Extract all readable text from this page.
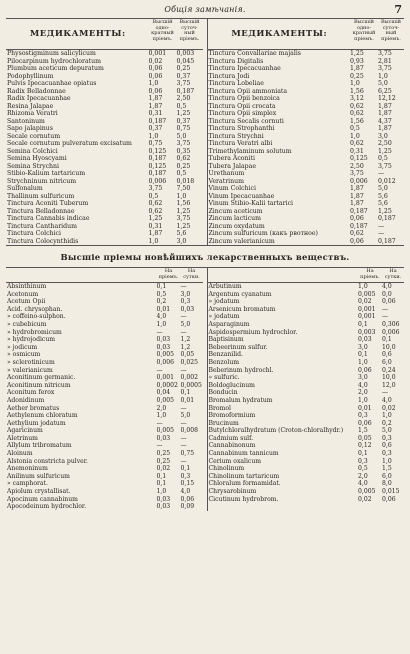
Общія замѣчанія.	7
МЕДИКАМЕНТЫ:
Высшій одно-кратный пріемъ.
Высшій суточ-ный пріемъ.
Physostigminum salicylicum	0,001	0,003
Pilocarpinum hydrochloratum	0,02	0,045
Plumbum aceticum depuratum	0,06	0,25
Podophyllinum	0,06	0,37
Pulvis Ipecacuanhae opiatus	1,0	3,75
Radix Belladonnae	0,06	0,187
Radix Ipecacuanhae	1,87	2,50
Resina Jalapae	1,87	0,5
Rhizoma Veratri	0,31	1,25
Santoninum	0,187	0,37
Sapo jalapinus	0,37	0,75
Secale cornutum	1,0	5,0
Secale cornutum pulveratum excisatum	0,75	3,75
Semina Colchici	0,125	0,35
Semina Hyoscyami	0,187	0,62
Semina Strychni	0,125	0,25
Stibio-Kalium tartaricum	0,187	0,5
Strychninum nitricum	0,006	0,018
Sulfonalum	3,75	7,50
Thallinum sulfuricum	0,5	1,0
Tinctura Aconiti Tuberum	0,62	1,56
Tinctura Belladonnae	0,62	1,25
Tinctura Cannabis indicae	1,25	3,75
Tinctura Cantharidum	0,31	1,25
Tinctura Colchici	1,87	5,6
Tinctura Colocynthidis	1,0	3,0
МЕДИКАМЕНТЫ:
Высшій одно-кратный пріемъ.
Высшій суточ-ный пріемъ.
Tinctura Convallariae majalis	1,25	3,75
Tinctura Digitalis	0,93	2,81
Tinctura Ipecacuanhae	1,87	3,75
Tinctura Jodi	0,25	1,0
Tinctura Lobeliae	1,0	5,0
Tinctura Opii ammoniata	1,56	6,25
Tinctura Opii benzoica	3,12	12,12
Tinctura Opii crocata	0,62	1,87
Tinctura Opii simplex	0,62	1,87
Tinctura Secalis cornuti	1,56	4,37
Tinctura Strophanthi	0,5	1,87
Tinctura Strychni	1,0	3,0
Tinctura Veratri albi	0,62	2,50
Trimethylaminum solutum	0,31	1,25
Tubera Aconiti	0,125	0,5
Tubera Jalapae	2,50	3,75
Urethanum	3,75	—
Veratrinum	0,006	0,012
Vinum Colchici	1,87	5,0
Vinum Ipecacuanhae	1,87	5,6
Vinum Stibio-Kalii tartarici	1,87	5,6
Zincum aceticum	0,187	1,25
Zincum lacticum	0,06	0,187
Zincum oxydatum	0,187	—
Zincum sulfuricum (какъ рвотное)	0,62	—
Zincum valerianicum	0,06	0,187
Высшіе пріемы новѣйшихъ лекарственныхъ веществъ.
На пріемъ.
На сутки.
Absinthinum	0,1	—
Acetonum	0,5	3,0
Acetum Opii	0,2	0,3
Acid. chrysophan.	0,01	0,03
» coffeino-sulphon.	4,0	—
» cubebicum	1,0	5,0
» hydrobromicum	—	—
» hydrojodicum	0,03	1,2
» jodicum	0,03	1,2
» osmicum	0,005	0,05
» sclerotinicum	0,006	0,025
» valerianicum	—	—
Aconitinum germanic.	0,001	0,002
Aconitinum nitricum	0,0002 0,0005
Aconitum ferox	0,04	0,1
Adonidinum	0,005	0,01
Aether bromatus	2,0	—
Aethylenum chloratum	1,0	5,0
Aethylium jodatum	—	—
Agaricinum	0,005	0,008
Aletrinum	0,03	—
Allylum tribromatum	—	—
Aloinum	0,25	0,75
Alstonia constricta pulver.	0,25	—
Anemoninum	0,02	0,1
Anilinum sulfuricum	0,1	0,3
» camphorat.	0,1	0,15
Apiolum crystallisat.	1,0	4,0
Apocinum cannabinum	0,03	0,06
Apocodeinum hydrochlor.	0,03	0,09
На пріемъ.
На сутки.
Arbutinum	1,0	4,0
Argentum cyanatum	0,005	0,0
» jodatum	0,02	0,06
Arsenicum bromatum	0,001	—
» jodatum	0,001	—
Asparaginum	0,1	0,306
Aspidospermium hydrochlor.	0,003	0,006
Baptisinum	0,03	0,1
Bebeerinum sulfur.	3,0	10,0
Benzanilid.	0,1	0,6
Benzolum	1,0	6,0
Beberinum hydrochl.	0,06	0,24
» sulfuric.	3,0	10,0
Boldoglucinum	4,0	12,0
Bonducin	2,0	—
Bromalum hydratum	1,0	4,0
Bromol	0,01	0,02
Bromoformium	0,3	1,0
Brucinum	0,06	0,2
Butylchloralhydratum (Croton-chloralhydr.)	1,5	5,0
Cadmium sulf.	0,05	0,3
Cannabinonum	0,12	0,6
Cannabinum tannicum	0,1	0,3
Cerium oxalicum	0,3	1,0
Chinolinum	0,5	1,5
Chinolinum tartaricum	2,0	6,0
Chloralum formamidat.	4,0	8,0
Chrysarobinum	0,005	0,015
Cicutinum hydrobrom.	0,02	0,06
